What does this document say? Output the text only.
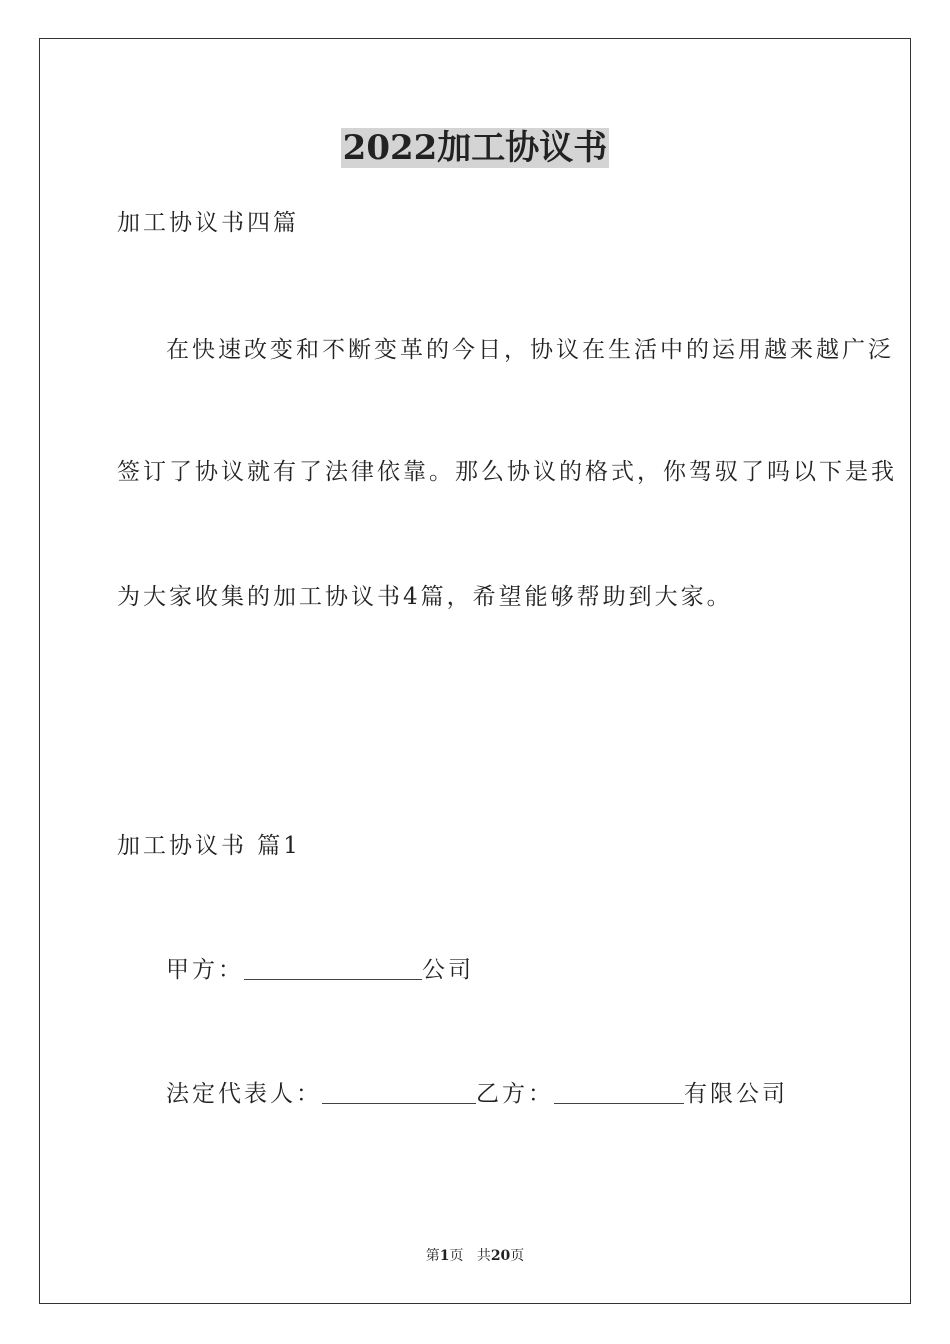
2022加工协议书

加工协议书四篇

在快速改变和不断变革的今日，协议在生活中的运用越来越广泛

签订了协议就有了法律依靠。那么协议的格式，你驾驭了吗以下是我

为大家收集的加工协议书4篇，希望能够帮助到大家。

加工协议书 篇1

甲方：	公司

法定代表人：	乙方：	有限公司

第1页 共20页
